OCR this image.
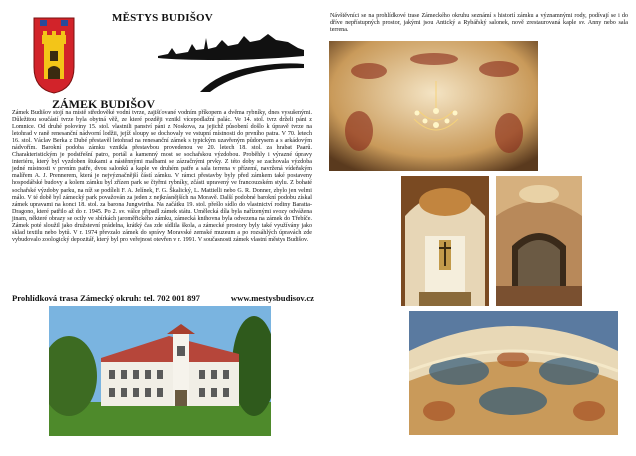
MĚSTYS BUDIŠOV
ZÁMEK BUDIŠOV
Zámek Budišov stojí na místě středověké vodní tvrze, zajišťované vodním příkopem a dvěma rybníky, dnes vysušenými. Důležitou součástí tvrze byla obytná věž, ze které později vznikl vícepodlažní palác. Ve 14. stol. tvrz drželi páni z Lomnice. Od druhé poloviny 15. stol. vlastnili panství páni z Noskova, za jejichž působení došlo k úpravě tvrze na letohrad v raně renesanční nádvorní lodžii, jejíž sloupy se dochovaly ve vstupní místnosti do prvního patra. V 70. letech 16. stol. Václav Berka z Dubé přestavěl letohrad na renesanční zámek s typickým uzavřeným půdorysem a s arkádovým nádvořím. Barokní podoba zámku vznikla přestavbou provedenou ve 20. letech 18. stol. za hrabat Paarů. Charakteristickým je podstřešní patro, portál a kamenný most se sochařskou výzdobou. Proběhly i výrazné úpravy interiéru, který byl vyzdoben štukami a nástěnnými malbami se zázračnými prvky. Z této doby se zachovala výzdoba jedné místnosti v prvním patře, dvou salonků a kaple ve druhém patře a sala terrena v přízemí, navržená vídeňským malířem A. J. Prennerem, která je nejvýznačnější částí zámku. V rámci přestavby byly před zámkem také postaveny hospodářské budovy a kolem zámku byl zřízen park se čtyřmi rybníky, zčásti upravený ve francouzském stylu. Z bohaté sochařské výzdoby parku, na níž se podíleli F. A. Jelínek, F. G. Škalický, L. Mattielli nebo G. R. Donner, zbylo jen velmi málo. V té době byl zámecký park považován za jeden z nejkrásnějších na Moravě. Další podobné barokní podobu získal zámek upravami na konci 18. stol. za barona Jungwirtha. Na začátku 19. stol. přešlo sídlo do vlastnictví rodiny Baratta-Dragono, které patřilo až do r. 1945. Po 2. sv. válce připadl zámek státu. Umělecká díla byla nařízenými svozy odvážena jinam, některé obrazy se octly ve sbírkách jaroměřického zámku, zámecká knihovna byla odvezena na zámek do Třebíče. Zámek poté sloužil jako družstevní prádelna, krátký čas zde sídlila škola, a zámecké prostory byly také využívány jako sklad textilu nebo bytů. V r. 1974 převzalo zámek do správy Moravské zemské muzeum a po rozsáhlých úpravách zde vybudovalo zoologický depozitář, který byl pro veřejnost otevřen v r. 1991. V současnosti zámek vlastní městys Budišov.
Prohlídková trasa Zámecký okruh: tel. 702 001 897	www.mestysbudisov.cz
Návštěvníci se na prohlídkové trase Zámeckého okruhu seznámí s historií zámku a významnými rody, podívají se i do dříve nepřístupných prostor, jakými jsou Antický a Rybářský salonek, nově zrestaurovaná kaple sv. Anny nebo sala terrena.
